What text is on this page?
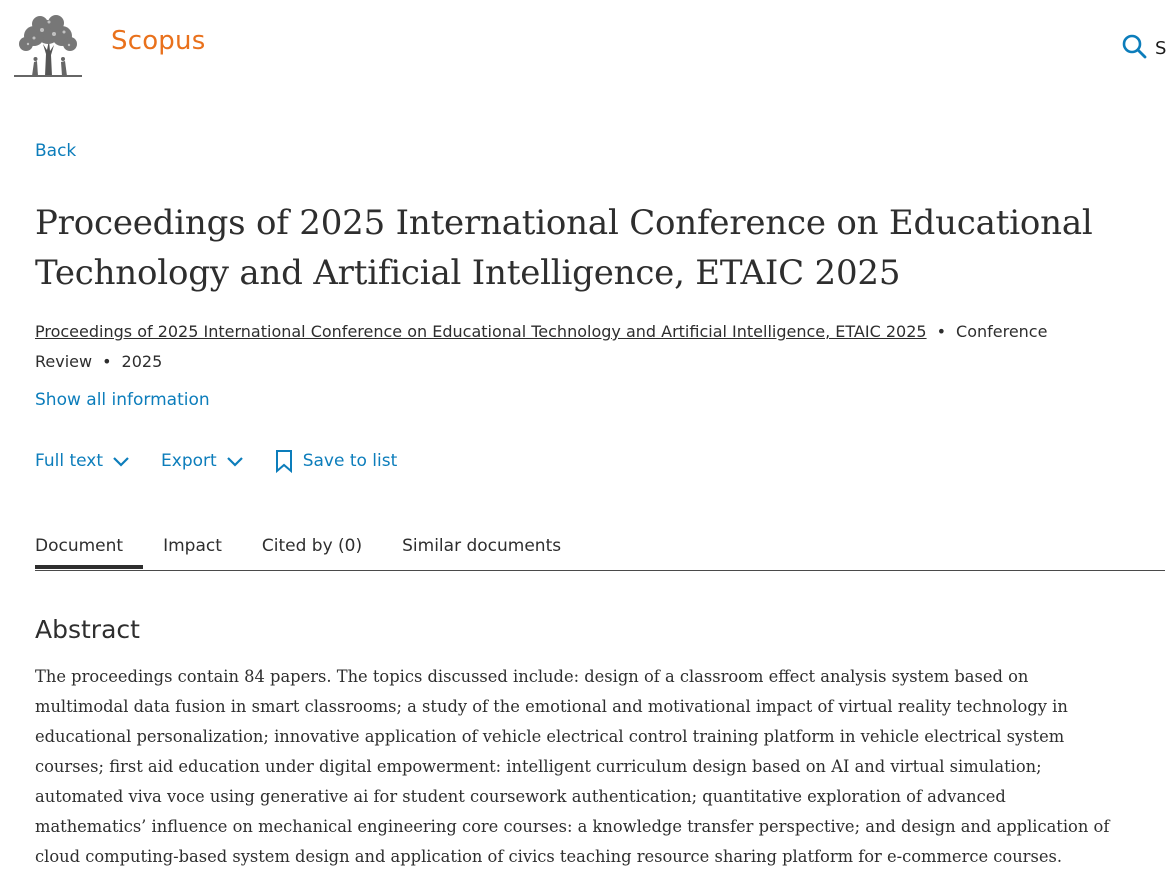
Scopus	S
Back
Proceedings of 2025 International Conference on Educational Technology and Artificial Intelligence, ETAIC 2025
Proceedings of 2025 International Conference on Educational Technology and Artificial Intelligence, ETAIC 2025 • Conference Review • 2025
Show all information
Full text	Export	Save to list
Document Impact Cited by (0) Similar documents
Abstract

The proceedings contain 84 papers. The topics discussed include: design of a classroom effect analysis system based on multimodal data fusion in smart classrooms; a study of the emotional and motivational impact of virtual reality technology in educational personalization; innovative application of vehicle electrical control training platform in vehicle electrical system courses; first aid education under digital empowerment: intelligent curriculum design based on AI and virtual simulation; automated viva voce using generative ai for student coursework authentication; quantitative exploration of advanced mathematics’ influence on mechanical engineering core courses: a knowledge transfer perspective; and design and application of cloud computing-based system design and application of civics teaching resource sharing platform for e-commerce courses.
